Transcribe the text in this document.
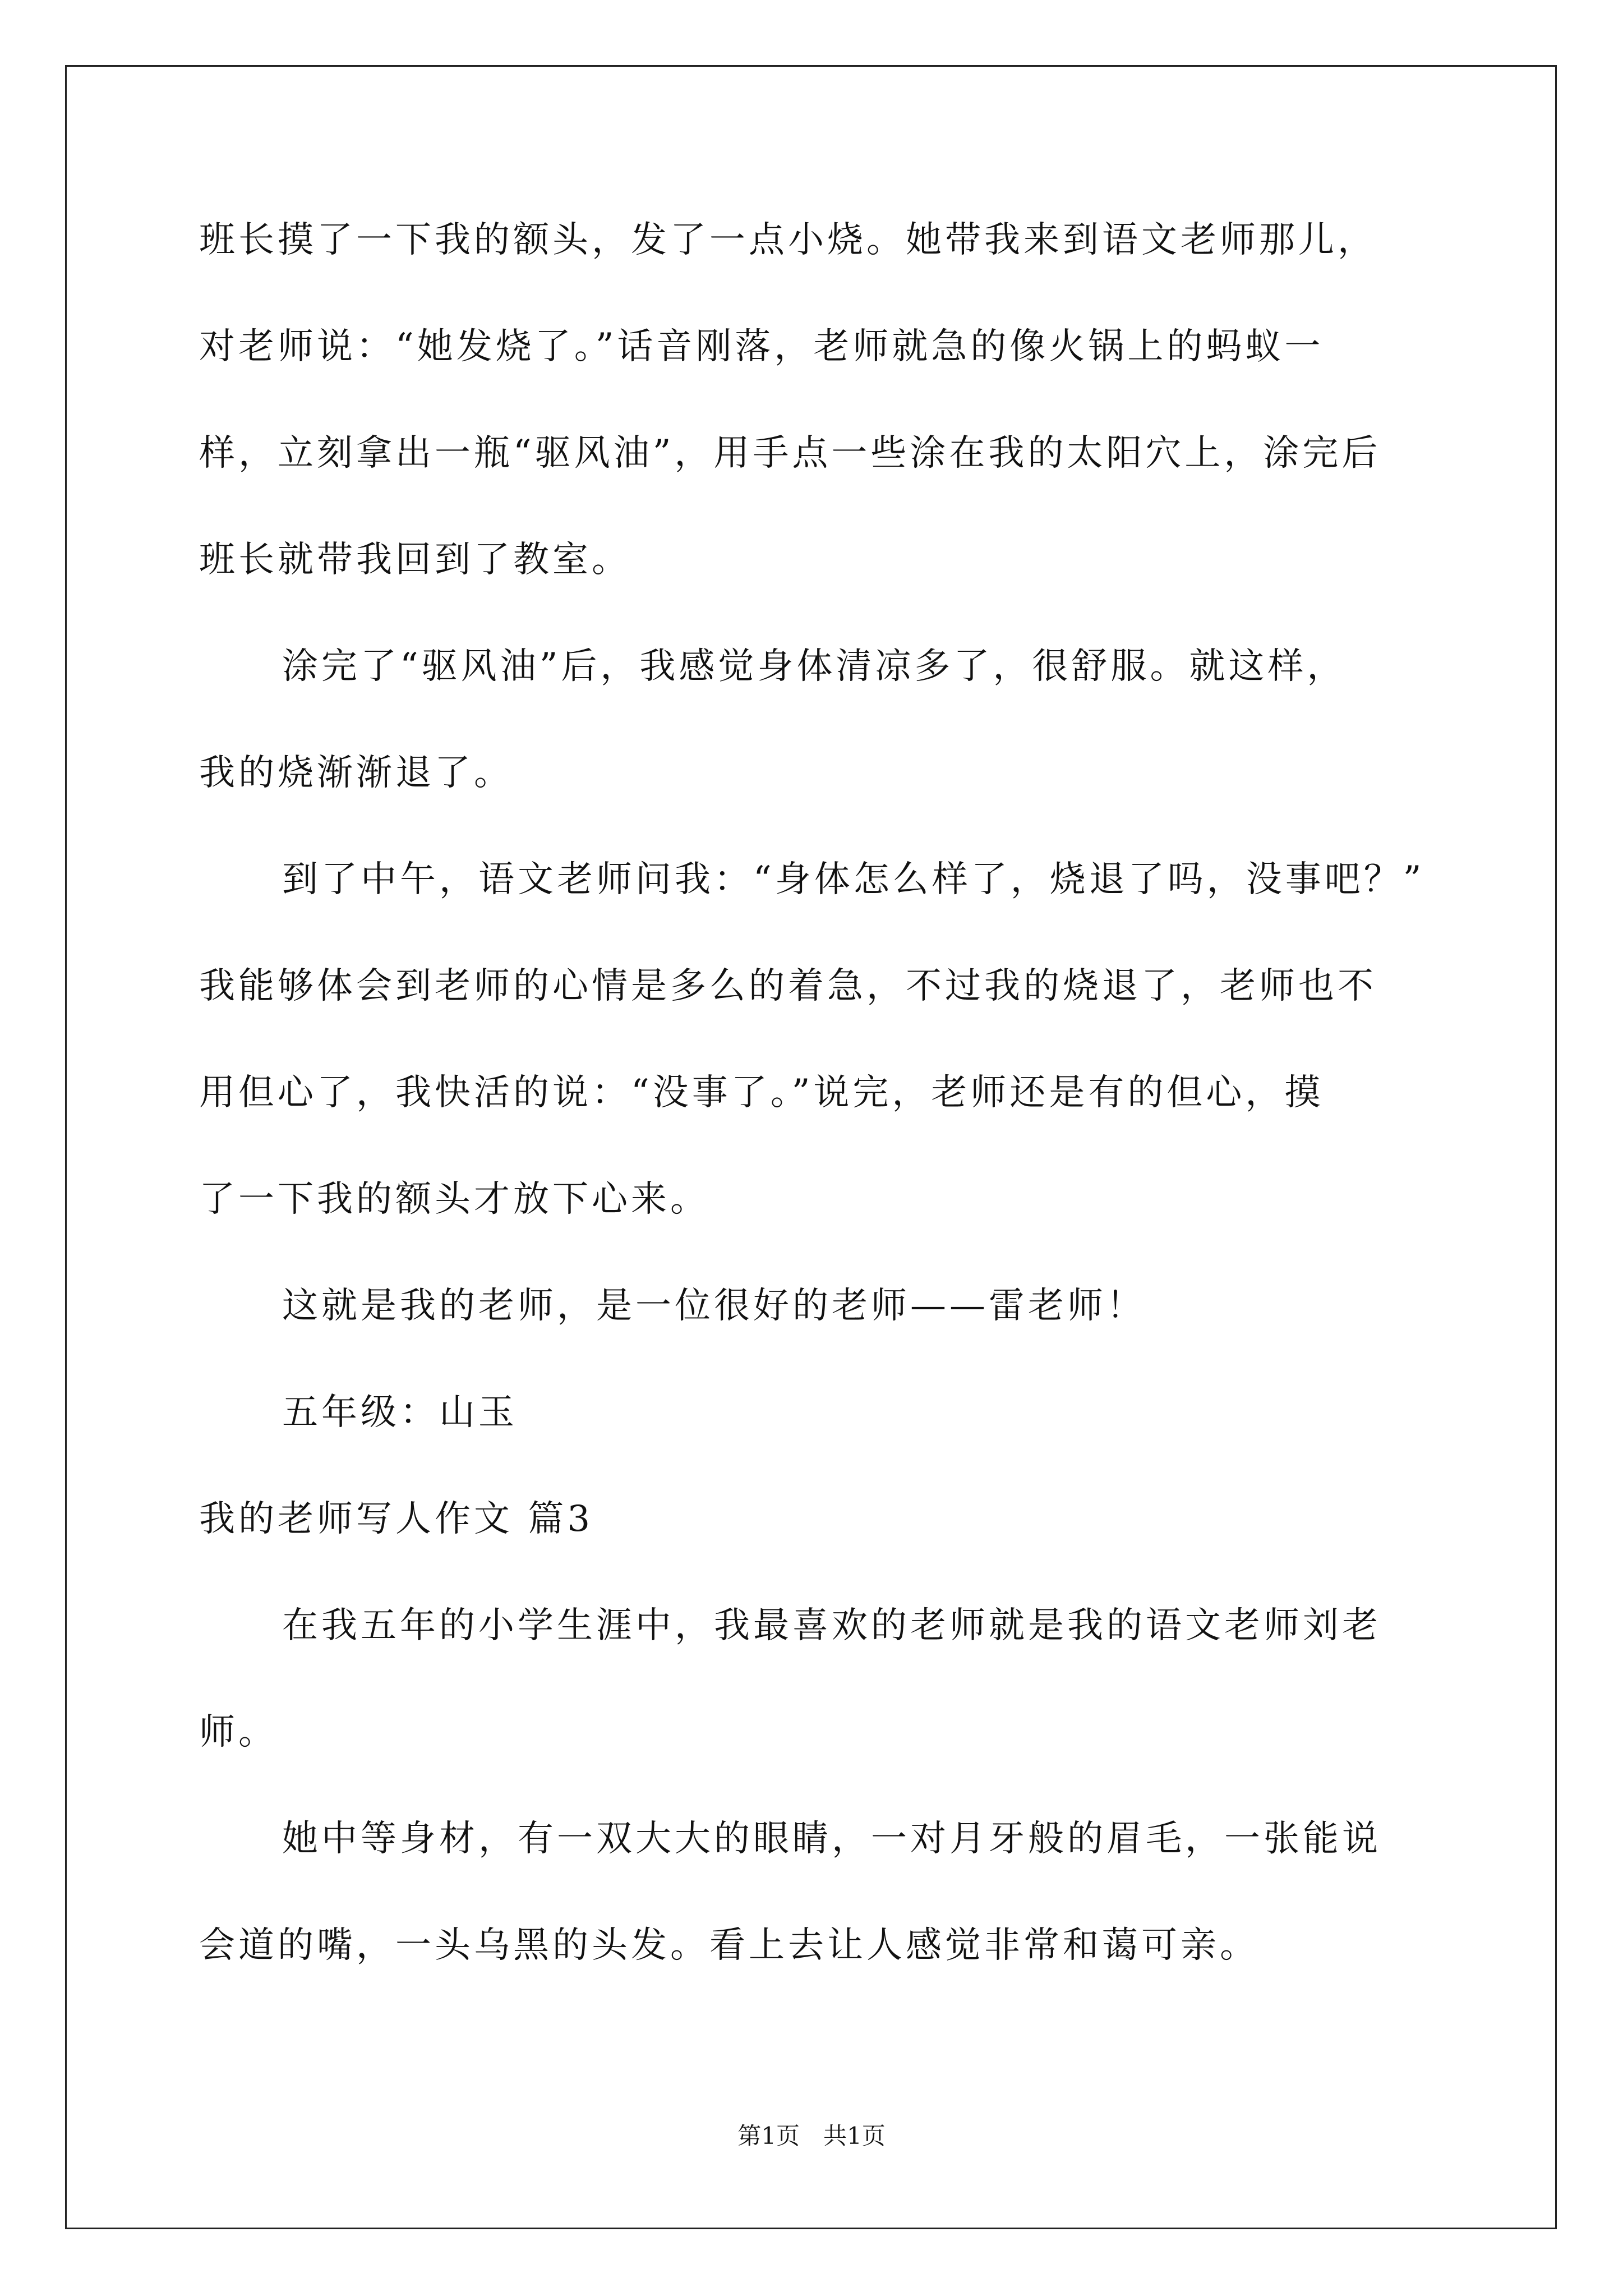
班长摸了一下我的额头，发了一点小烧。她带我来到语文老师那儿，
对老师说：“她发烧了。”话音刚落，老师就急的像火锅上的蚂蚁一
样，立刻拿出一瓶“驱风油”，用手点一些涂在我的太阳穴上，涂完后
班长就带我回到了教室。
涂完了“驱风油”后，我感觉身体清凉多了，很舒服。就这样，
我的烧渐渐退了。
到了中午，语文老师问我：“身体怎么样了，烧退了吗，没事吧？”
我能够体会到老师的心情是多么的着急，不过我的烧退了，老师也不
用但心了，我快活的说：“没事了。”说完，老师还是有的但心，摸
了一下我的额头才放下心来。
这就是我的老师，是一位很好的老师——雷老师！
五年级：山玉
我的老师写人作文 篇3
在我五年的小学生涯中，我最喜欢的老师就是我的语文老师刘老
师。
她中等身材，有一双大大的眼睛，一对月牙般的眉毛，一张能说
会道的嘴，一头乌黑的头发。看上去让人感觉非常和蔼可亲。
第1页　共1页
